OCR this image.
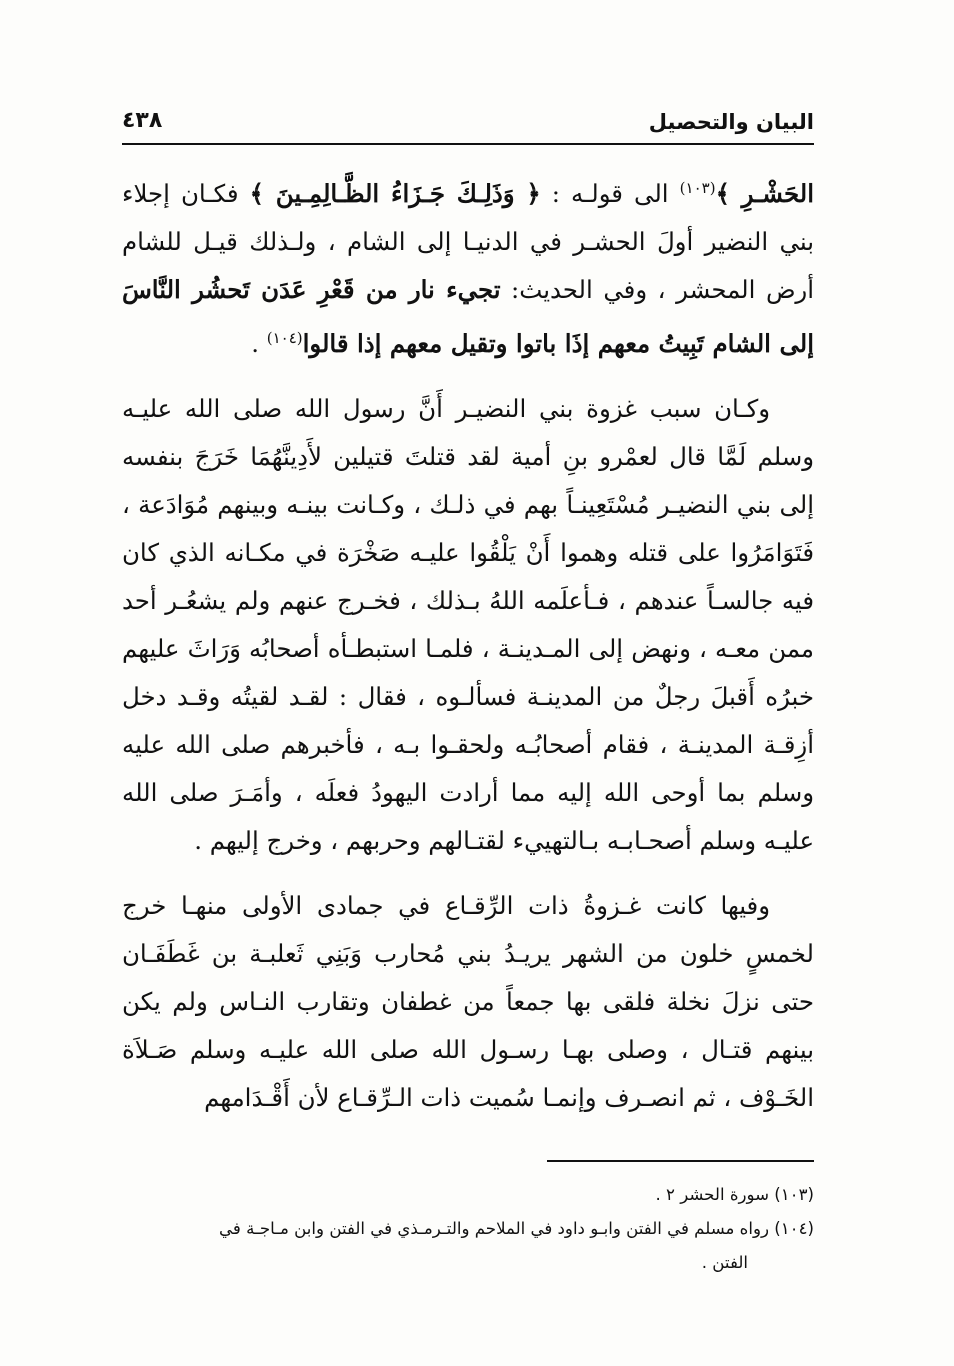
البيان والتحصيل
٤٣٨

الحَشْـرِ ﴾$^{(١٠٣)}$ الى قولـه : ﴿ وَذَلِـكَ جَـزَاءُ الظَّـالِمِـينَ ﴾ فكـان إجلاء بني النضير أولَ الحشـر في الدنيـا إلى الشام ، ولـذلك قيـل للشام أرض المحشر ، وفي الحديث: تجيء نار من قَعْرِ عَدَن تَحشُر النَّاسَ إلى الشام تَبِيتُ معهم إذَا باتوا وتقيل معهم إذا قالوا$^{(١٠٤)}$ .

وكـان سبب غزوة بني النضيـر أَنَّ رسول الله صلى الله عليـه وسلم لَمَّا قال لعمْرو بنِ أمية لقد قتلتَ قتيلين لأَدِينَّهُمَا خَرَجَ بنفسه إلى بني النضيـر مُسْتَعِينـاً بهم في ذلـك ، وكـانت بينـه وبينهم مُوَادَعة ، فَتَوَامَرُوا على قتله وهموا أَنْ يَلْقُوا عليـه صَخْرَة في مكـانه الذي كان فيه جالسـاً عندهم ، فـأعلَمه اللهُ بـذلك ، فخـرج عنهم ولم يشعُـر أحد ممن معـه ، ونهض إلى المـدينـة ، فلمـا استبطـأه أصحابُه وَرَاثَ عليهم خبرُه أَقبلَ رجلٌ من المدينـة فسألـوه ، فقال : لقـد لقيتُه وقـد دخل أزِقـة المدينـة ، فقام أصحابُـه ولحقـوا بـه ، فأخبرهم صلى الله عليه وسلم بما أوحى الله إليه مما أرادت اليهودُ فعلَه ، وأمَـرَ صلى الله عليـه وسلم أصحـابـه بـالتهييء لقتـالهم وحربهم ، وخرج إليهم .

وفيها كانت غـزوةُ ذات الرِّقـاع في جمادى الأولى منهـا خرج لخمسٍ خلون من الشهر يريـدُ بني مُحارب وَبَنِي ثَعلبـة بن غَطَفَـان حتى نزلَ نخلة فلقى بها جمعاً من غطفان وتقارب النـاس ولم يكن بينهم قتـال ، وصلى بهـا رسـول الله صلى الله عليـه وسلم صَـلاَة الخَـوْف ، ثم انصـرف وإنمـا سُميت ذات الـرِّقـاع لأن أَقْـدَامهم

(١٠٣) سورة الحشر ٢ .

(١٠٤) رواه مسلم في الفتن وابـو داود في الملاحم والتـرمـذي في الفتن وابن مـاجـة في

الفتن .
